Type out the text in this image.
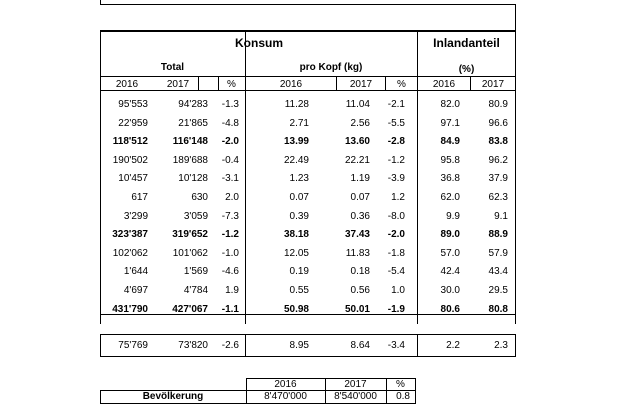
Konsum	Inlandanteil
Total	pro Kopf (kg)	(%)
2016	2017	%	2016	2017	%	2016	2017
95'553	94'283	-1.3	11.28	11.04	-2.1	82.0	80.9
22'959	21'865	-4.8	2.71	2.56	-5.5	97.1	96.6
118'512	116'148	-2.0	13.99	13.60	-2.8	84.9	83.8
190'502	189'688	-0.4	22.49	22.21	-1.2	95.8	96.2
10'457	10'128	-3.1	1.23	1.19	-3.9	36.8	37.9
617	630	2.0	0.07	0.07	1.2	62.0	62.3
3'299	3'059	-7.3	0.39	0.36	-8.0	9.9	9.1
323'387	319'652	-1.2	38.18	37.43	-2.0	89.0	88.9
102'062	101'062	-1.0	12.05	11.83	-1.8	57.0	57.9
1'644	1'569	-4.6	0.19	0.18	-5.4	42.4	43.4
4'697	4'784	1.9	0.55	0.56	1.0	30.0	29.5
431'790	427'067	-1.1	50.98	50.01	-1.9	80.6	80.8
75'769	73'820	-2.6	8.95	8.64	-3.4	2.2	2.3
2016	2017	%
Bevölkerung	8'470'000	8'540'000	0.8
